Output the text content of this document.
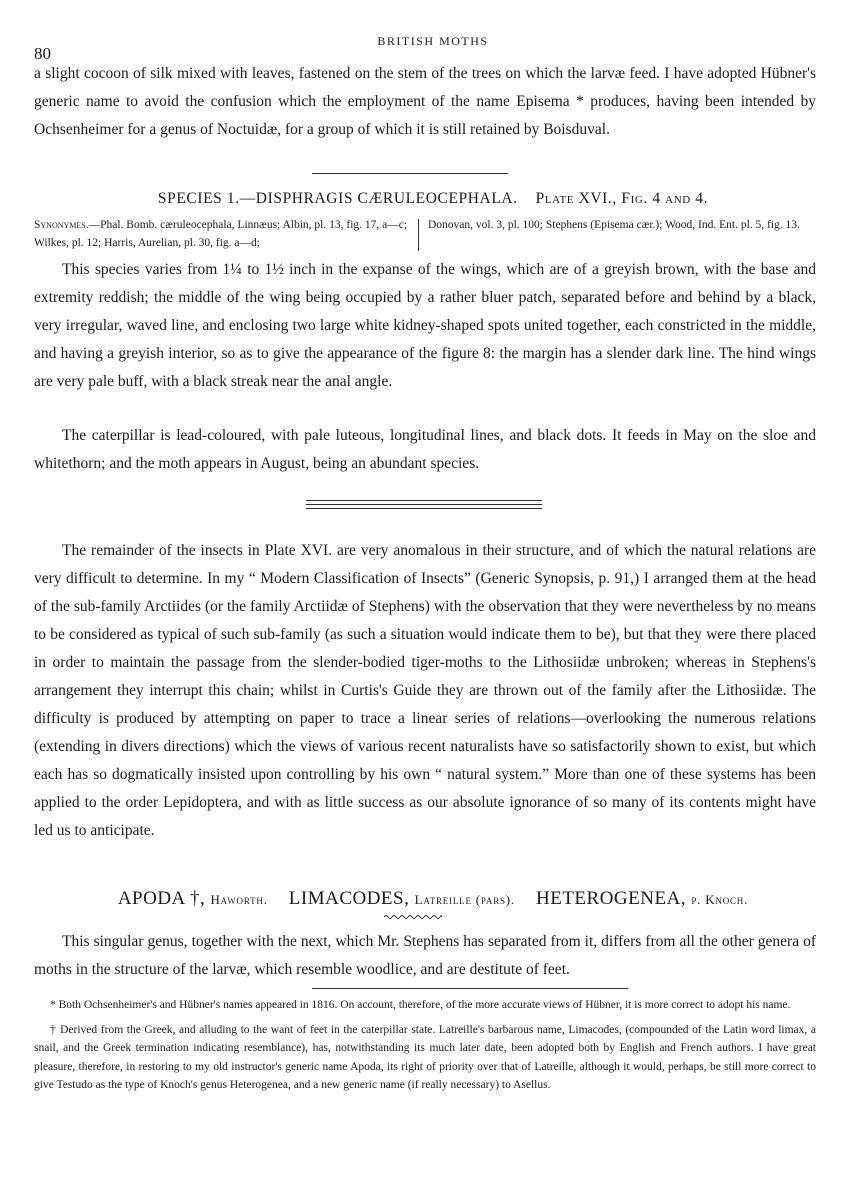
80
BRITISH MOTHS

a slight cocoon of silk mixed with leaves, fastened on the stem of the trees on which the larvæ feed. I have adopted Hübner's generic name to avoid the confusion which the employment of the name Episema * produces, having been intended by Ochsenheimer for a genus of Noctuidæ, for a group of which it is still retained by Boisduval.

SPECIES 1.—DISPHRAGIS CÆRULEOCEPHALA. Plate XVI., Fig. 4 and 4.
Synonymes.—Phal. Bomb. cæruleocephala, Linnæus; Albin, pl. 13, fig. 17, a—c; Wilkes, pl. 12; Harris, Aurelian, pl. 30, fig. a—d;
Donovan, vol. 3, pl. 100; Stephens (Episema cær.); Wood, Ind. Ent. pl. 5, fig. 13.

This species varies from 1¼ to 1½ inch in the expanse of the wings, which are of a greyish brown, with the base and extremity reddish; the middle of the wing being occupied by a rather bluer patch, separated before and behind by a black, very irregular, waved line, and enclosing two large white kidney-shaped spots united together, each constricted in the middle, and having a greyish interior, so as to give the appearance of the figure 8: the margin has a slender dark line. The hind wings are very pale buff, with a black streak near the anal angle.

The caterpillar is lead-coloured, with pale luteous, longitudinal lines, and black dots. It feeds in May on the sloe and whitethorn; and the moth appears in August, being an abundant species.

The remainder of the insects in Plate XVI. are very anomalous in their structure, and of which the natural relations are very difficult to determine. In my “ Modern Classification of Insects” (Generic Synopsis, p. 91,) I arranged them at the head of the sub-family Arctiides (or the family Arctiidæ of Stephens) with the observation that they were nevertheless by no means to be considered as typical of such sub-family (as such a situation would indicate them to be), but that they were there placed in order to maintain the passage from the slender-bodied tiger-moths to the Lithosiidæ unbroken; whereas in Stephens's arrangement they interrupt this chain; whilst in Curtis's Guide they are thrown out of the family after the Lithosiidæ. The difficulty is produced by attempting on paper to trace a linear series of relations—overlooking the numerous relations (extending in divers directions) which the views of various recent naturalists have so satisfactorily shown to exist, but which each has so dogmatically insisted upon controlling by his own “ natural system.” More than one of these systems has been applied to the order Lepidoptera, and with as little success as our absolute ignorance of so many of its contents might have led us to anticipate.

APODA †, Haworth. LIMACODES, Latreille (pars). HETEROGENEA, p. Knoch.

This singular genus, together with the next, which Mr. Stephens has separated from it, differs from all the other genera of moths in the structure of the larvæ, which resemble woodlice, and are destitute of feet.

* Both Ochsenheimer's and Hübner's names appeared in 1816. On account, therefore, of the more accurate views of Hübner, it is more correct to adopt his name.

† Derived from the Greek, and alluding to the want of feet in the caterpillar state. Latreille's barbarous name, Limacodes, (compounded of the Latin word limax, a snail, and the Greek termination indicating resemblance), has, notwithstanding its much later date, been adopted both by English and French authors. I have great pleasure, therefore, in restoring to my old instructor's generic name Apoda, its right of priority over that of Latreille, although it would, perhaps, be still more correct to give Testudo as the type of Knoch's genus Heterogenea, and a new generic name (if really necessary) to Asellus.
